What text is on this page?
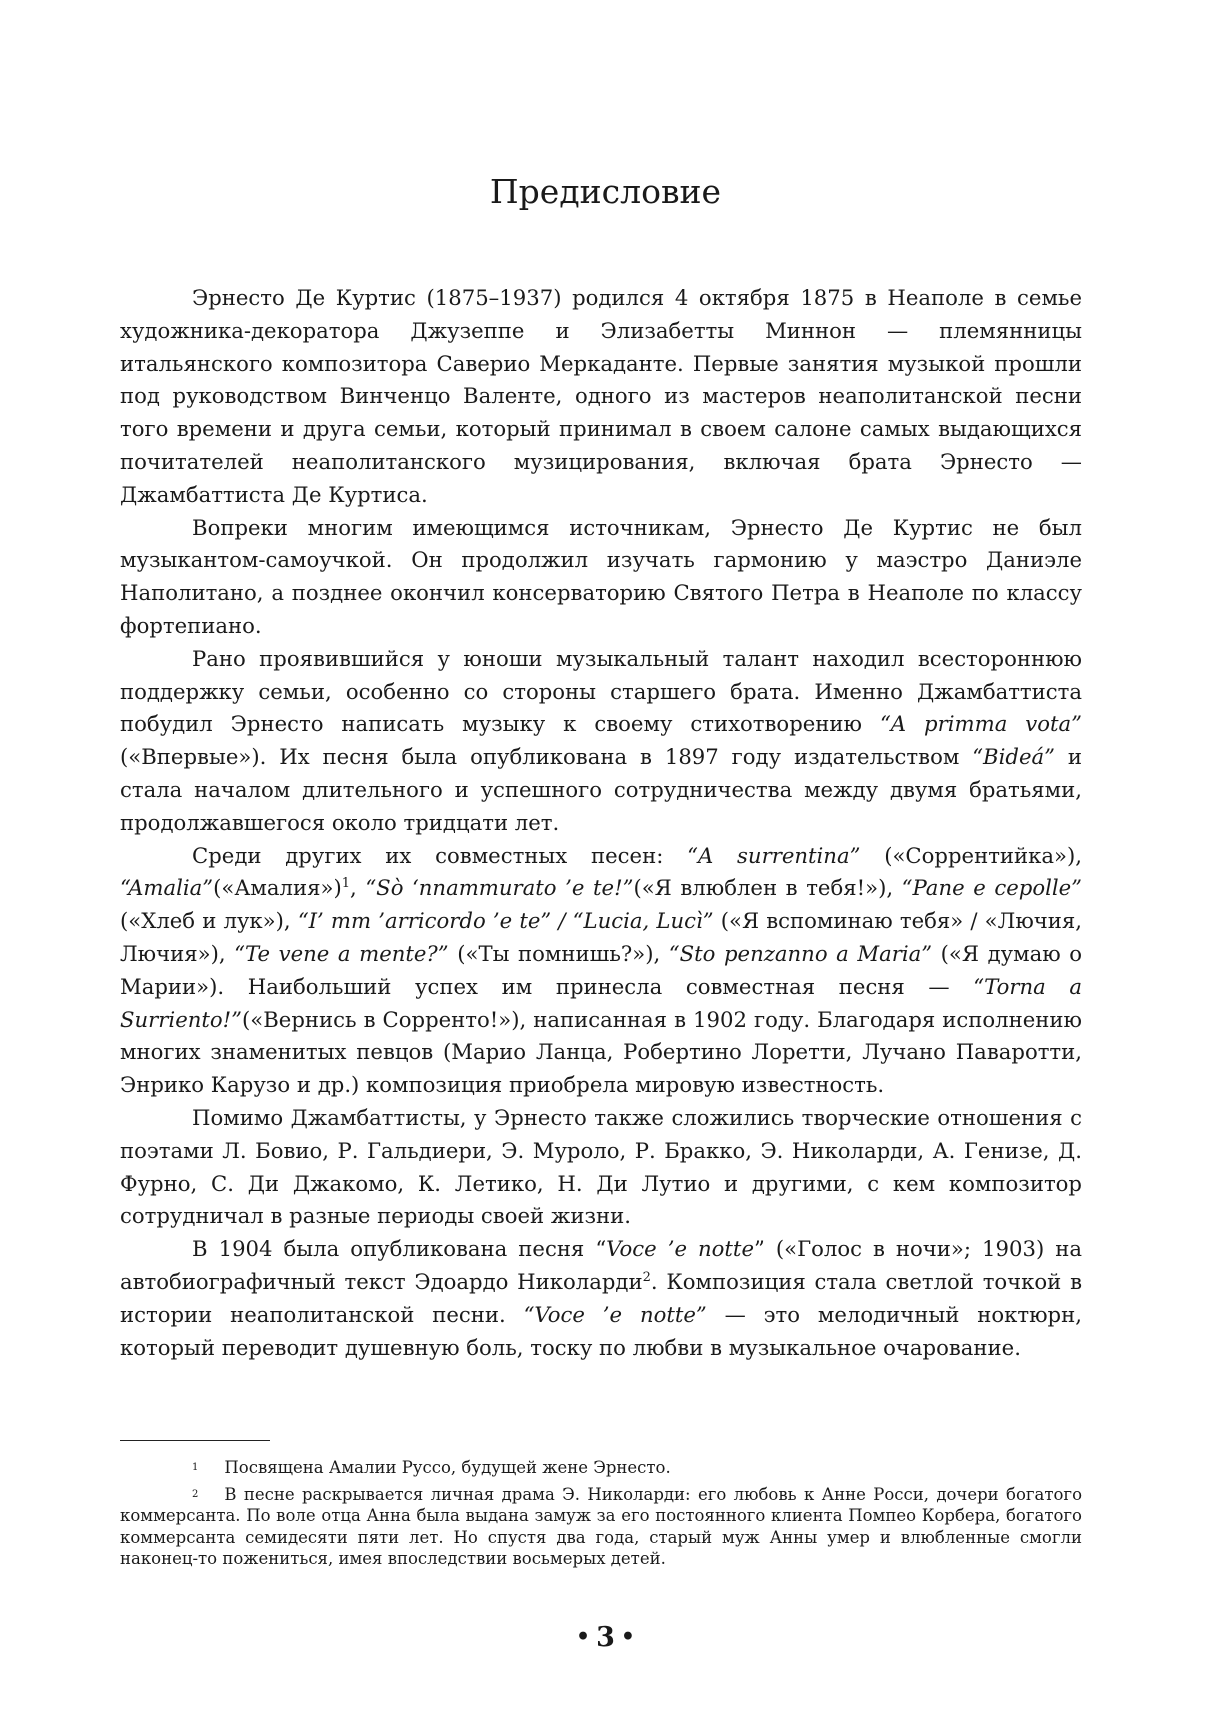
Предисловие

Эрнесто Де Куртис (1875–1937) родился 4 октября 1875 в Неаполе в семье художника-декоратора Джузеппе и Элизабетты Миннон — племянницы итальянского композитора Саверио Меркаданте. Первые занятия музыкой прошли под руководством Винченцо Валенте, одного из мастеров неаполитанской песни того времени и друга семьи, который принимал в своем салоне самых выдающихся почитателей неаполитанского музицирования, включая брата Эрнесто — Джамбаттиста Де Куртиса.

Вопреки многим имеющимся источникам, Эрнесто Де Куртис не был музыкантом-самоучкой. Он продолжил изучать гармонию у маэстро Даниэле Наполитано, а позднее окончил консерваторию Святого Петра в Неаполе по классу фортепиано.

Рано проявившийся у юноши музыкальный талант находил всестороннюю поддержку семьи, особенно со стороны старшего брата. Именно Джамбаттиста побудил Эрнесто написать музыку к своему стихотворению “A primma vota” («Впервые»). Их песня была опубликована в 1897 году издательством “Bideá” и стала началом длительного и успешного сотрудничества между двумя братьями, продолжавшегося около тридцати лет.

Среди других их совместных песен: “A surrentina” («Соррентийка»), “Amalia”(«Амалия»)$^1$, “Sò ‘nnammurato ’e te!”(«Я влюблен в тебя!»), “Pane e cepolle” («Хлеб и лук»), “I’ mm ’arricordo ’e te” / “Lucia, Lucì” («Я вспоминаю тебя» / «Лючия, Лючия»), “Te vene a mente?” («Ты помнишь?»), “Sto penzanno a Maria” («Я думаю о Марии»). Наибольший успех им принесла совместная песня — “Torna a Surriento!”(«Вернись в Сорренто!»), написанная в 1902 году. Благодаря исполнению многих знаменитых певцов (Марио Ланца, Робертино Лоретти, Лучано Паваротти, Энрико Карузо и др.) композиция приобрела мировую известность.

Помимо Джамбаттисты, у Эрнесто также сложились творческие отношения с поэтами Л. Бовио, Р. Гальдиери, Э. Муроло, Р. Бракко, Э. Николарди, А. Генизе, Д. Фурно, С. Ди Джакомо, К. Летико, Н. Ди Лутио и другими, с кем композитор сотрудничал в разные периоды своей жизни.

В 1904 была опубликована песня “Voce ’e notte” («Голос в ночи»; 1903) на автобиографичный текст Эдоардо Николарди$^2$. Композиция стала светлой точкой в истории неаполитанской песни. “Voce ’e notte” — это мелодичный ноктюрн, который переводит душевную боль, тоску по любви в музыкальное очарование.

1 Посвящена Амалии Руссо, будущей жене Эрнесто.

2 В песне раскрывается личная драма Э. Николарди: его любовь к Анне Росси, дочери богатого коммерсанта. По воле отца Анна была выдана замуж за его постоянного клиента Помпео Корбера, богатого коммерсанта семидесяти пяти лет. Но спустя два года, старый муж Анны умер и влюбленные смогли наконец-то пожениться, имея впоследствии восьмерых детей.

• 3 •
